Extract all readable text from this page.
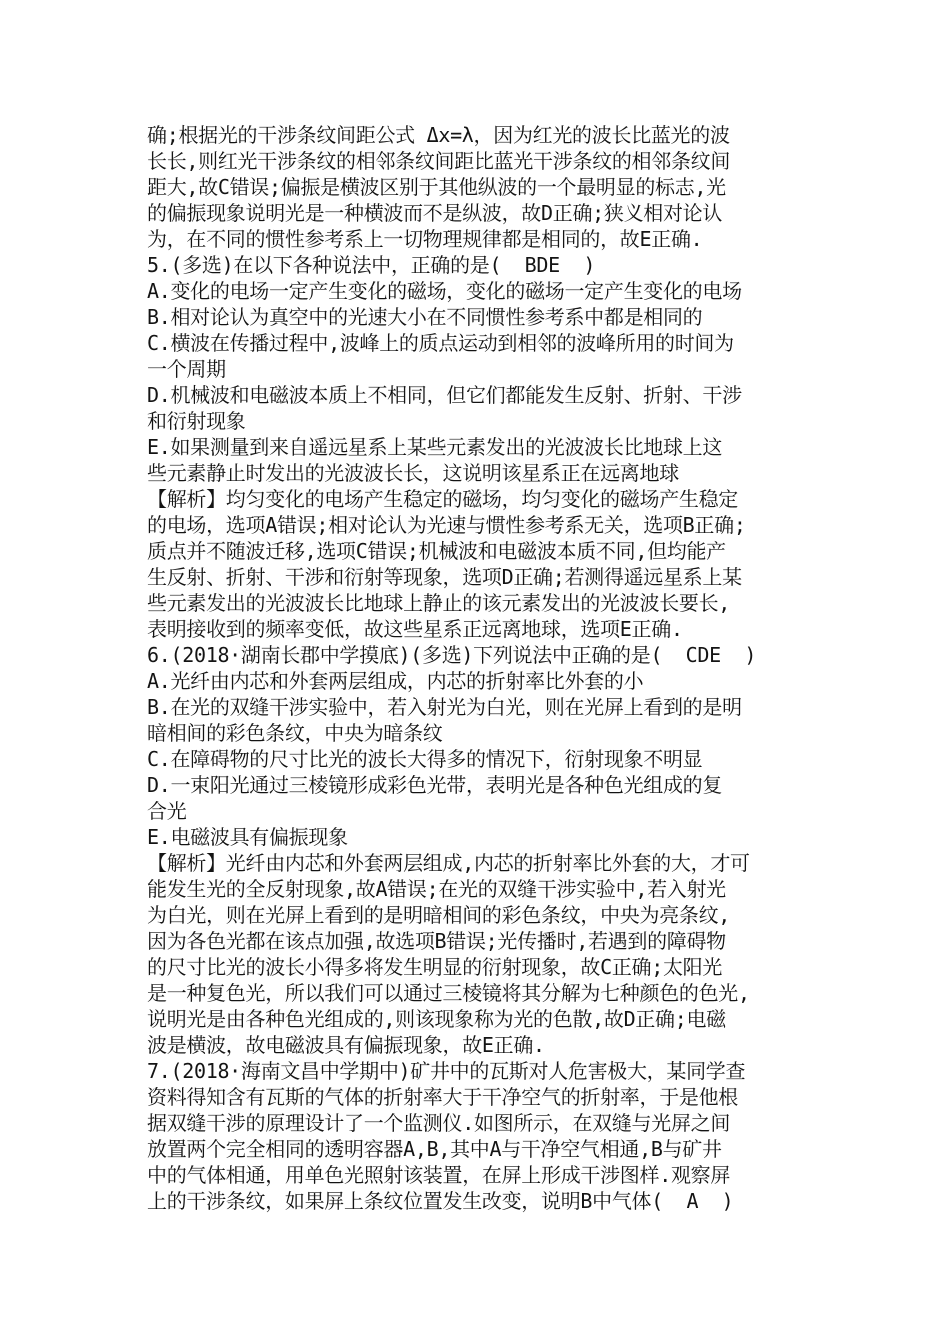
确;根据光的干涉条纹间距公式 Δx=λ，因为红光的波长比蓝光的波
长长,则红光干涉条纹的相邻条纹间距比蓝光干涉条纹的相邻条纹间
距大,故C错误;偏振是横波区别于其他纵波的一个最明显的标志,光
的偏振现象说明光是一种横波而不是纵波，故D正确;狭义相对论认
为，在不同的惯性参考系上一切物理规律都是相同的，故E正确.
5.(多选)在以下各种说法中，正确的是(  BDE  )
A.变化的电场一定产生变化的磁场，变化的磁场一定产生变化的电场
B.相对论认为真空中的光速大小在不同惯性参考系中都是相同的
C.横波在传播过程中,波峰上的质点运动到相邻的波峰所用的时间为
一个周期
D.机械波和电磁波本质上不相同，但它们都能发生反射、折射、干涉
和衍射现象
E.如果测量到来自遥远星系上某些元素发出的光波波长比地球上这
些元素静止时发出的光波波长长，这说明该星系正在远离地球
【解析】均匀变化的电场产生稳定的磁场，均匀变化的磁场产生稳定
的电场，选项A错误;相对论认为光速与惯性参考系无关，选项B正确;
质点并不随波迁移,选项C错误;机械波和电磁波本质不同,但均能产
生反射、折射、干涉和衍射等现象，选项D正确;若测得遥远星系上某
些元素发出的光波波长比地球上静止的该元素发出的光波波长要长,
表明接收到的频率变低，故这些星系正远离地球，选项E正确.
6.(2018·湖南长郡中学摸底)(多选)下列说法中正确的是(  CDE  )
A.光纤由内芯和外套两层组成，内芯的折射率比外套的小
B.在光的双缝干涉实验中，若入射光为白光，则在光屏上看到的是明
暗相间的彩色条纹，中央为暗条纹
C.在障碍物的尺寸比光的波长大得多的情况下，衍射现象不明显
D.一束阳光通过三棱镜形成彩色光带，表明光是各种色光组成的复
合光
E.电磁波具有偏振现象
【解析】光纤由内芯和外套两层组成,内芯的折射率比外套的大，才可
能发生光的全反射现象,故A错误;在光的双缝干涉实验中,若入射光
为白光，则在光屏上看到的是明暗相间的彩色条纹，中央为亮条纹,
因为各色光都在该点加强,故选项B错误;光传播时,若遇到的障碍物
的尺寸比光的波长小得多将发生明显的衍射现象，故C正确;太阳光
是一种复色光，所以我们可以通过三棱镜将其分解为七种颜色的色光,
说明光是由各种色光组成的,则该现象称为光的色散,故D正确;电磁
波是横波，故电磁波具有偏振现象，故E正确.
7.(2018·海南文昌中学期中)矿井中的瓦斯对人危害极大，某同学查
资料得知含有瓦斯的气体的折射率大于干净空气的折射率，于是他根
据双缝干涉的原理设计了一个监测仪.如图所示，在双缝与光屏之间
放置两个完全相同的透明容器A,B,其中A与干净空气相通,B与矿井
中的气体相通，用单色光照射该装置，在屏上形成干涉图样.观察屏
上的干涉条纹，如果屏上条纹位置发生改变，说明B中气体(  A  )
